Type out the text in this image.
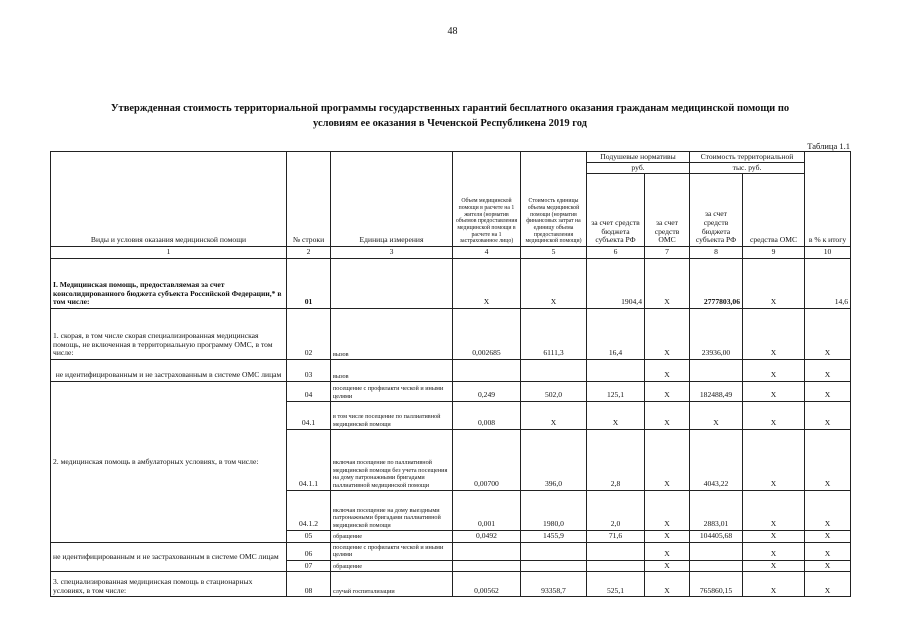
48
Утвержденная стоимость территориальной программы государственных гарантий бесплатного оказания гражданам медицинской помощи по
условиям ее оказания в Чеченской Республикена 2019 год
Таблица 1.1
Виды и условия оказания медицинской помощи	№ строки	Единица измерения	Объем медицинской помощи в расчете на 1 жителя (норматив объемов предоставления медицинской помощи в расчете на 1 застрахованное лицо)	Стоимость единицы объема медицинской помощи (норматив финансовых затрат на единицу объема предоставления медицинской помощи)	Подушевые нормативы		Стоимость территориальной		в % к итогу
					руб.		тыс. руб.		
					за счет средств бюджета субъекта РФ	за счет средств ОМС	за счет средств бюджета субъекта РФ	средства ОМС	
1	2	3	4	5	6	7	8	9	10
I. Медицинская помощь, предоставляемая за счет консолидированного бюджета субъекта Российской Федерации,* в том числе:	01		X	X	1904,4	X	2777803,06	X	14,6
1. скорая, в том числе скорая специализированная медицинская помощь, не включенная в территориальную программу ОМС, в том числе:	02	вызов	0,002685	6111,3	16,4	X	23936,00	X	X
не идентифицированным и не застрахованным в системе ОМС лицам	03	вызов				X		X	X
2. медицинская помощь в амбулаторных условиях, в том числе:	04	посещение с профилакти ческой и иными целями	0,249	502,0	125,1	X	182488,49	X	X
	04.1	в том числе посещение по паллиативной медицинской помощи	0,008	X	X	X	X	X	X
	04.1.1	включая посещение по паллиативной медицинской помощи без учета посещения на дому патронажными бригадами паллиативной медицинской помощи	0,00700	396,0	2,8	X	4043,22	X	X
	04.1.2	включая посещение на дому выездными патронажными бригадами паллиативной медицинской помощи	0,001	1980,0	2,0	X	2883,01	X	X
	05	обращение	0,0492	1455,9	71,6	X	104405,68	X	X
не идентифицированным и не застрахованным в системе ОМС лицам	06	посещение с профилакти ческой и иными целями				X		X	X
	07	обращение				X		X	X
3. специализированная медицинская помощь в стационарных условиях, в том числе:	08	случай госпитализации	0,00562	93358,7	525,1	X	765860,15	X	X
